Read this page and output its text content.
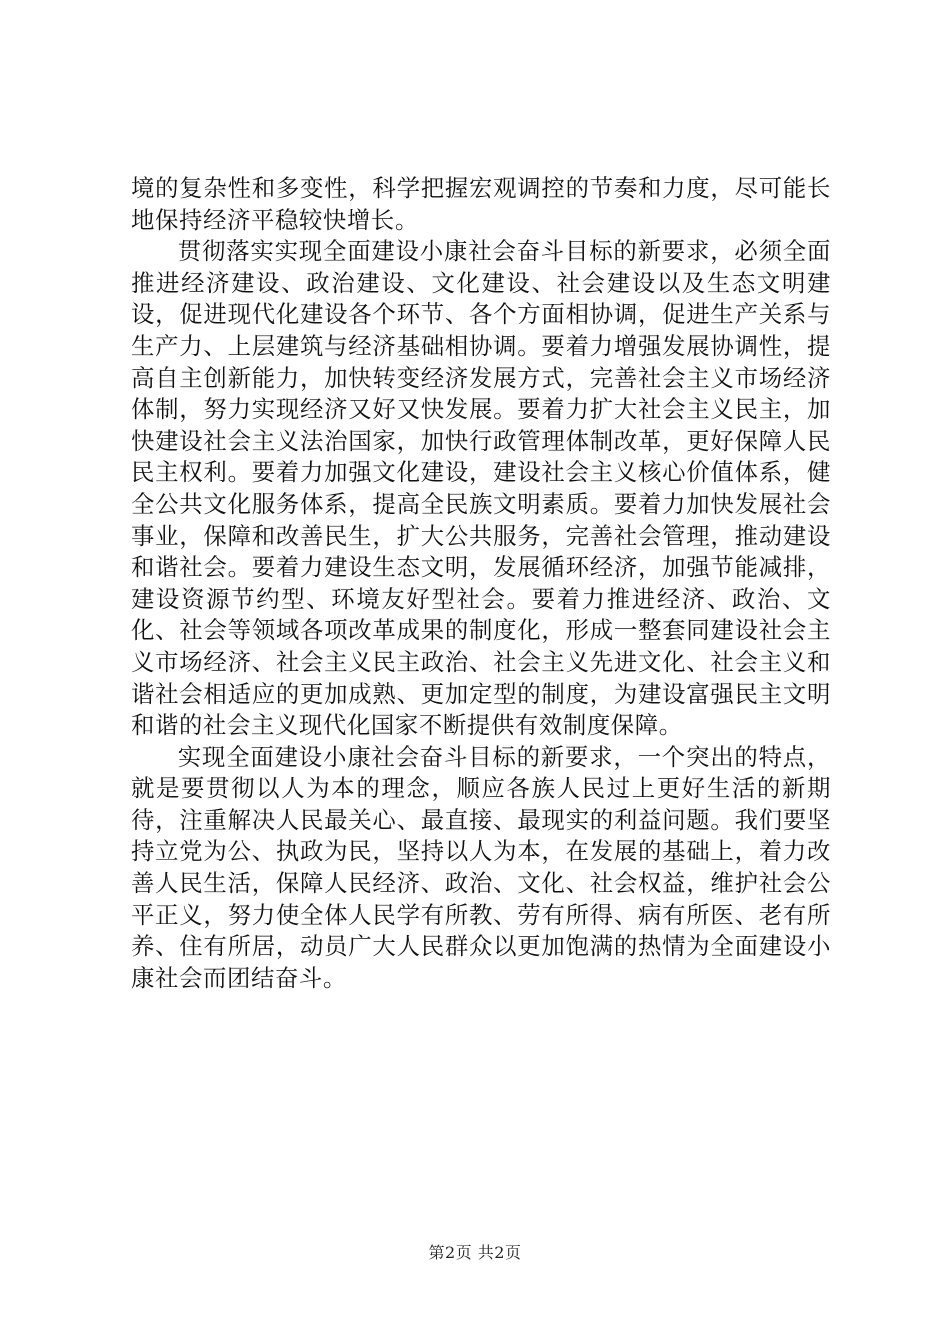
境的复杂性和多变性，科学把握宏观调控的节奏和力度，尽可能长地保持经济平稳较快增长。

贯彻落实实现全面建设小康社会奋斗目标的新要求，必须全面推进经济建设、政治建设、文化建设、社会建设以及生态文明建设，促进现代化建设各个环节、各个方面相协调，促进生产关系与生产力、上层建筑与经济基础相协调。要着力增强发展协调性，提高自主创新能力，加快转变经济发展方式，完善社会主义市场经济体制，努力实现经济又好又快发展。要着力扩大社会主义民主，加快建设社会主义法治国家，加快行政管理体制改革，更好保障人民民主权利。要着力加强文化建设，建设社会主义核心价值体系，健全公共文化服务体系，提高全民族文明素质。要着力加快发展社会事业，保障和改善民生，扩大公共服务，完善社会管理，推动建设和谐社会。要着力建设生态文明，发展循环经济，加强节能减排，建设资源节约型、环境友好型社会。要着力推进经济、政治、文化、社会等领域各项改革成果的制度化，形成一整套同建设社会主义市场经济、社会主义民主政治、社会主义先进文化、社会主义和谐社会相适应的更加成熟、更加定型的制度，为建设富强民主文明和谐的社会主义现代化国家不断提供有效制度保障。

实现全面建设小康社会奋斗目标的新要求，一个突出的特点，就是要贯彻以人为本的理念，顺应各族人民过上更好生活的新期待，注重解决人民最关心、最直接、最现实的利益问题。我们要坚持立党为公、执政为民，坚持以人为本，在发展的基础上，着力改善人民生活，保障人民经济、政治、文化、社会权益，维护社会公平正义，努力使全体人民学有所教、劳有所得、病有所医、老有所养、住有所居，动员广大人民群众以更加饱满的热情为全面建设小康社会而团结奋斗。

第2页 共2页
